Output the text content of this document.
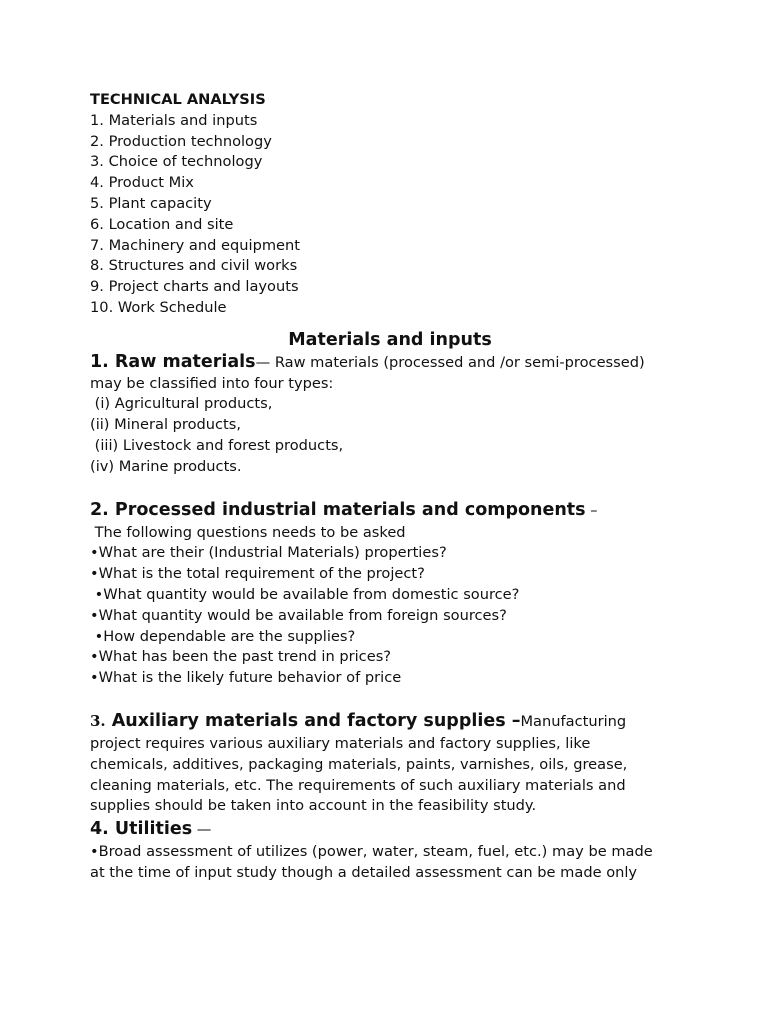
TECHNICAL ANALYSIS

1. Materials and inputs

2. Production technology

3. Choice of technology

4. Product Mix

5. Plant capacity

6. Location and site

7. Machinery and equipment

8. Structures and civil works

9. Project charts and layouts

10. Work Schedule

Materials and inputs

1. Raw materials— Raw materials (processed and /or semi-processed)

may be classified into four types:

(i) Agricultural products,

(ii) Mineral products,

(iii) Livestock and forest products,

(iv) Marine products.

2. Processed industrial materials and components –

The following questions needs to be asked

•What are their (Industrial Materials) properties?

•What is the total requirement of the project?

•What quantity would be available from domestic source?

•What quantity would be available from foreign sources?

•How dependable are the supplies?

•What has been the past trend in prices?

•What is the likely future behavior of price

3. Auxiliary materials and factory supplies –Manufacturing

project requires various auxiliary materials and factory supplies, like

chemicals, additives, packaging materials, paints, varnishes, oils, grease,

cleaning materials, etc. The requirements of such auxiliary materials and

supplies should be taken into account in the feasibility study.

4. Utilities —

•Broad assessment of utilizes (power, water, steam, fuel, etc.) may be made

at the time of input study though a detailed assessment can be made only
